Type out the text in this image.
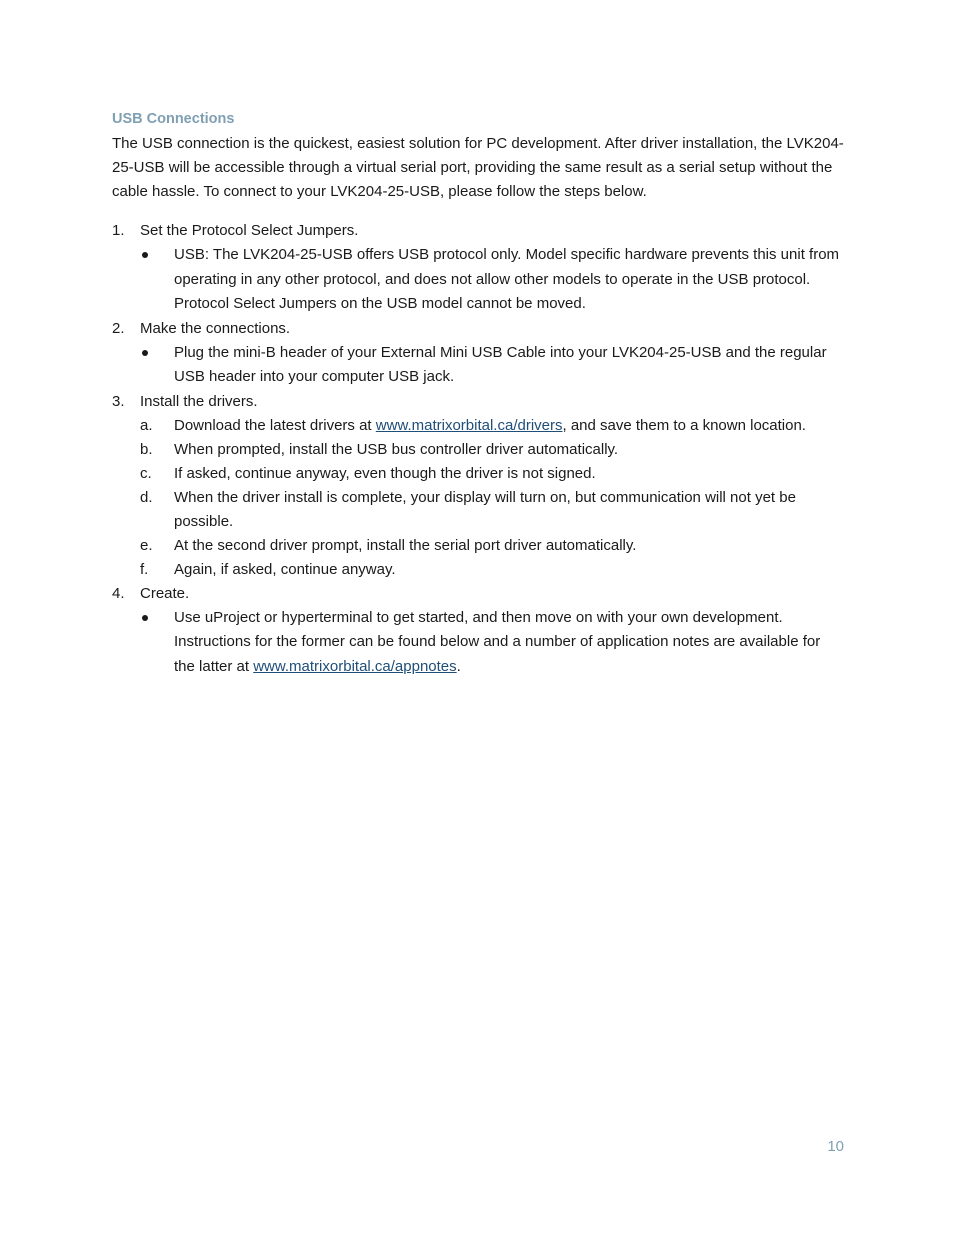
USB Connections
The USB connection is the quickest, easiest solution for PC development. After driver installation, the LVK204-25-USB will be accessible through a virtual serial port, providing the same result as a serial setup without the cable hassle. To connect to your LVK204-25-USB, please follow the steps below.
1. Set the Protocol Select Jumpers.
USB: The LVK204-25-USB offers USB protocol only. Model specific hardware prevents this unit from operating in any other protocol, and does not allow other models to operate in the USB protocol. Protocol Select Jumpers on the USB model cannot be moved.
2. Make the connections.
Plug the mini-B header of your External Mini USB Cable into your LVK204-25-USB and the regular USB header into your computer USB jack.
3. Install the drivers.
a.	Download the latest drivers at www.matrixorbital.ca/drivers, and save them to a known location.
b.	When prompted, install the USB bus controller driver automatically.
c.	If asked, continue anyway, even though the driver is not signed.
d.	When the driver install is complete, your display will turn on, but communication will not yet be possible.
e.	At the second driver prompt, install the serial port driver automatically.
f.	Again, if asked, continue anyway.
4. Create.
Use uProject or hyperterminal to get started, and then move on with your own development. Instructions for the former can be found below and a number of application notes are available for the latter at www.matrixorbital.ca/appnotes.
10
